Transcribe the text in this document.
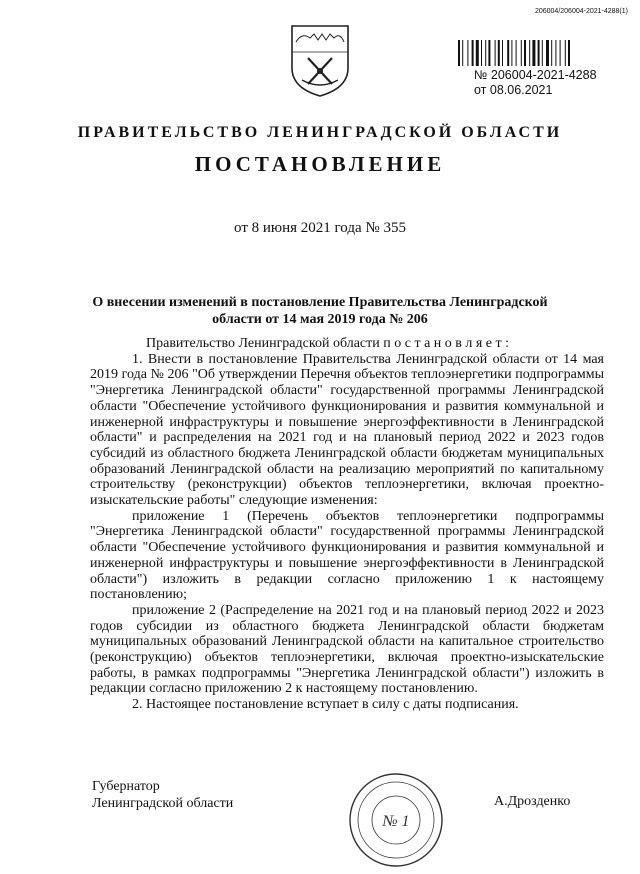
206004/206004-2021-4288(1)
№ 206004-2021-4288
от 08.06.2021
ПРАВИТЕЛЬСТВО ЛЕНИНГРАДСКОЙ ОБЛАСТИ
ПОСТАНОВЛЕНИЕ
от 8 июня 2021 года № 355
О внесении изменений в постановление Правительства Ленинградской области от 14 мая 2019 года № 206

Правительство Ленинградской области п о с т а н о в л я е т :

1. Внести в постановление Правительства Ленинградской области от 14 мая 2019 года № 206 "Об утверждении Перечня объектов теплоэнергетики подпрограммы "Энергетика Ленинградской области" государственной программы Ленинградской области "Обеспечение устойчивого функционирования и развития коммунальной и инженерной инфраструктуры и повышение энергоэффективности в Ленинградской области" и распределения на 2021 год и на плановый период 2022 и 2023 годов субсидий из областного бюджета Ленинградской области бюджетам муниципальных образований Ленинградской области на реализацию мероприятий по капитальному строительству (реконструкции) объектов теплоэнергетики, включая проектно-изыскательские работы" следующие изменения:

приложение 1 (Перечень объектов теплоэнергетики подпрограммы "Энергетика Ленинградской области" государственной программы Ленинградской области "Обеспечение устойчивого функционирования и развития коммунальной и инженерной инфраструктуры и повышение энергоэффективности в Ленинградской области") изложить в редакции согласно приложению 1 к настоящему постановлению;

приложение 2 (Распределение на 2021 год и на плановый период 2022 и 2023 годов субсидии из областного бюджета Ленинградской области бюджетам муниципальных образований Ленинградской области на капитальное строительство (реконструкцию) объектов теплоэнергетики, включая проектно-изыскательские работы, в рамках подпрограммы "Энергетика Ленинградской области") изложить в редакции согласно приложению 2 к настоящему постановлению.

2. Настоящее постановление вступает в силу с даты подписания.

Губернатор
Ленинградской области
№ 1
А.Дрозденко
